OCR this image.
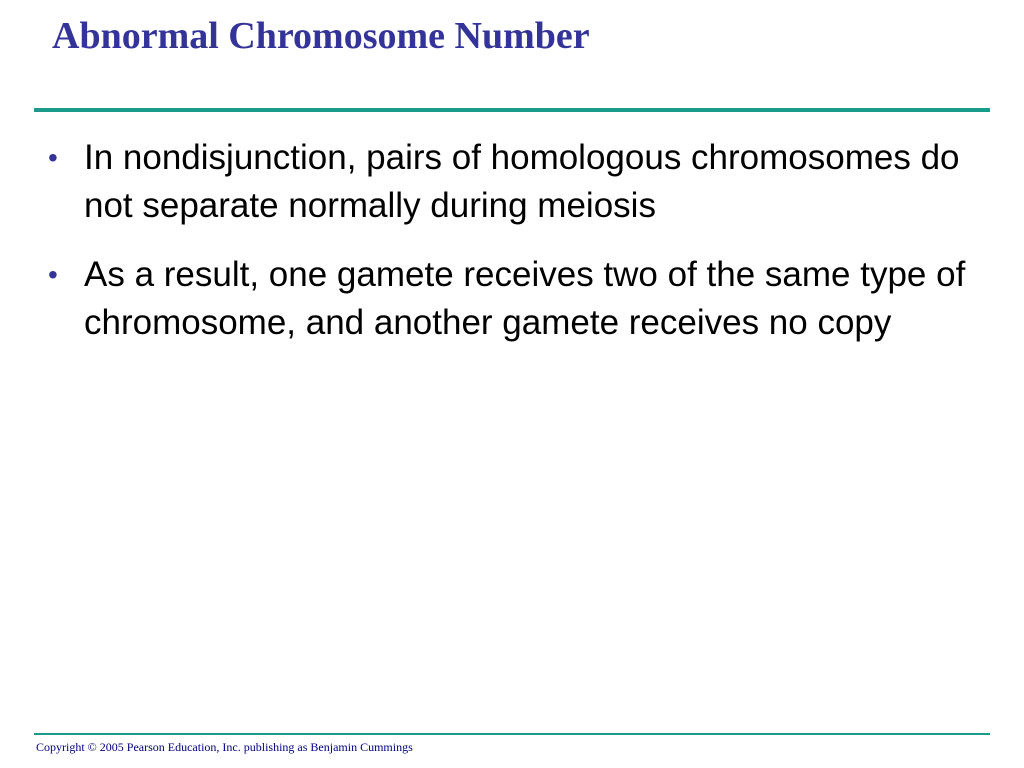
Abnormal Chromosome Number
• In nondisjunction, pairs of homologous chromosomes do not separate normally during meiosis
• As a result, one gamete receives two of the same type of chromosome, and another gamete receives no copy

Copyright © 2005 Pearson Education, Inc. publishing as Benjamin Cummings
